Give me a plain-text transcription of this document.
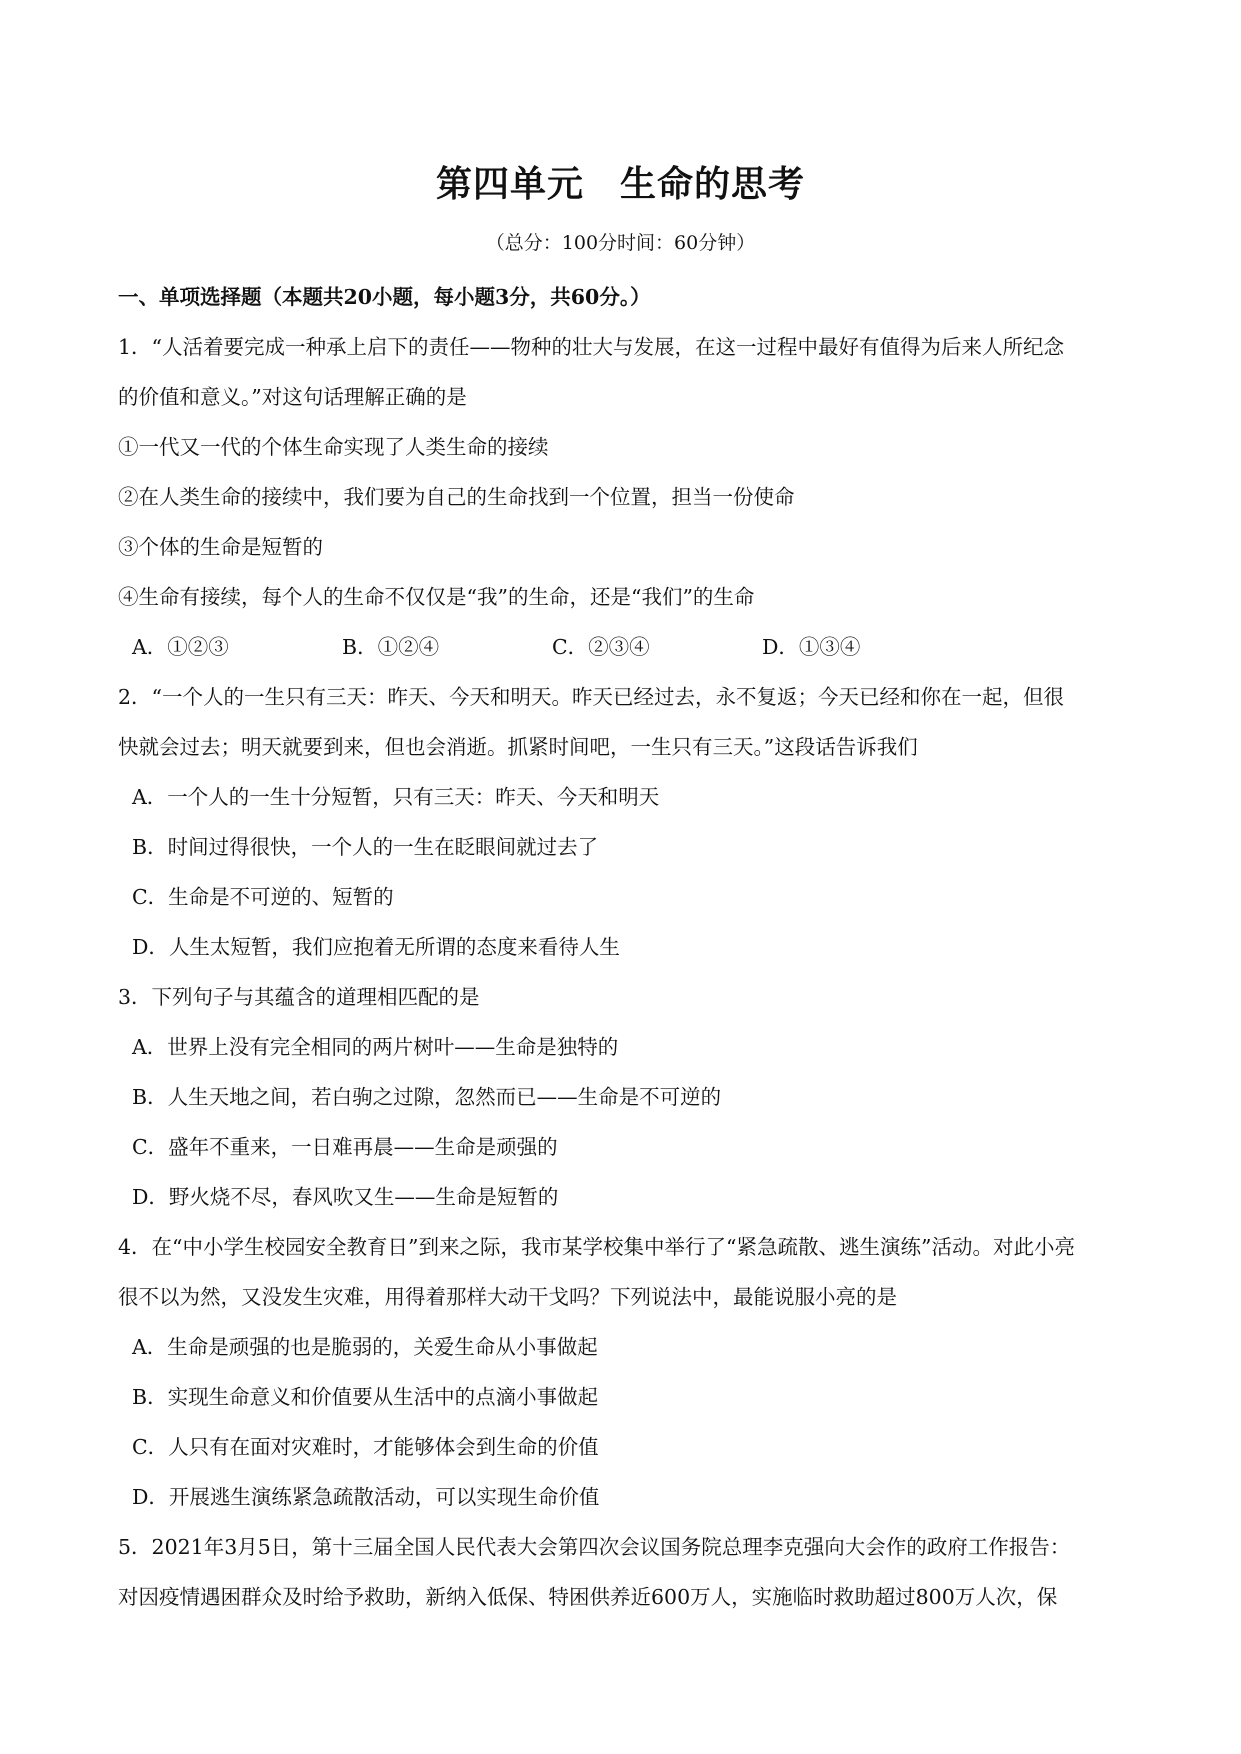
第四单元 生命的思考
（总分：100分时间：60分钟）
一、单项选择题（本题共20小题，每小题3分，共60分。）
1．“人活着要完成一种承上启下的责任——物种的壮大与发展，在这一过程中最好有值得为后来人所纪念
的价值和意义。”对这句话理解正确的是
①一代又一代的个体生命实现了人类生命的接续
②在人类生命的接续中，我们要为自己的生命找到一个位置，担当一份使命
③个体的生命是短暂的
④生命有接续，每个人的生命不仅仅是“我”的生命，还是“我们”的生命
A．①②③	B．①②④	C．②③④	D．①③④
2．“一个人的一生只有三天：昨天、今天和明天。昨天已经过去，永不复返；今天已经和你在一起，但很
快就会过去；明天就要到来，但也会消逝。抓紧时间吧，一生只有三天。”这段话告诉我们
A．一个人的一生十分短暂，只有三天：昨天、今天和明天
B．时间过得很快，一个人的一生在眨眼间就过去了
C．生命是不可逆的、短暂的
D．人生太短暂，我们应抱着无所谓的态度来看待人生
3．下列句子与其蕴含的道理相匹配的是
A．世界上没有完全相同的两片树叶——生命是独特的
B．人生天地之间，若白驹之过隙，忽然而已——生命是不可逆的
C．盛年不重来，一日难再晨——生命是顽强的
D．野火烧不尽，春风吹又生——生命是短暂的
4．在“中小学生校园安全教育日”到来之际，我市某学校集中举行了“紧急疏散、逃生演练”活动。对此小亮
很不以为然，又没发生灾难，用得着那样大动干戈吗？下列说法中，最能说服小亮的是
A．生命是顽强的也是脆弱的，关爱生命从小事做起
B．实现生命意义和价值要从生活中的点滴小事做起
C．人只有在面对灾难时，才能够体会到生命的价值
D．开展逃生演练紧急疏散活动，可以实现生命价值
5．2021年3月5日，第十三届全国人民代表大会第四次会议国务院总理李克强向大会作的政府工作报告：
对因疫情遇困群众及时给予救助，新纳入低保、特困供养近600万人，实施临时救助超过800万人次，保
